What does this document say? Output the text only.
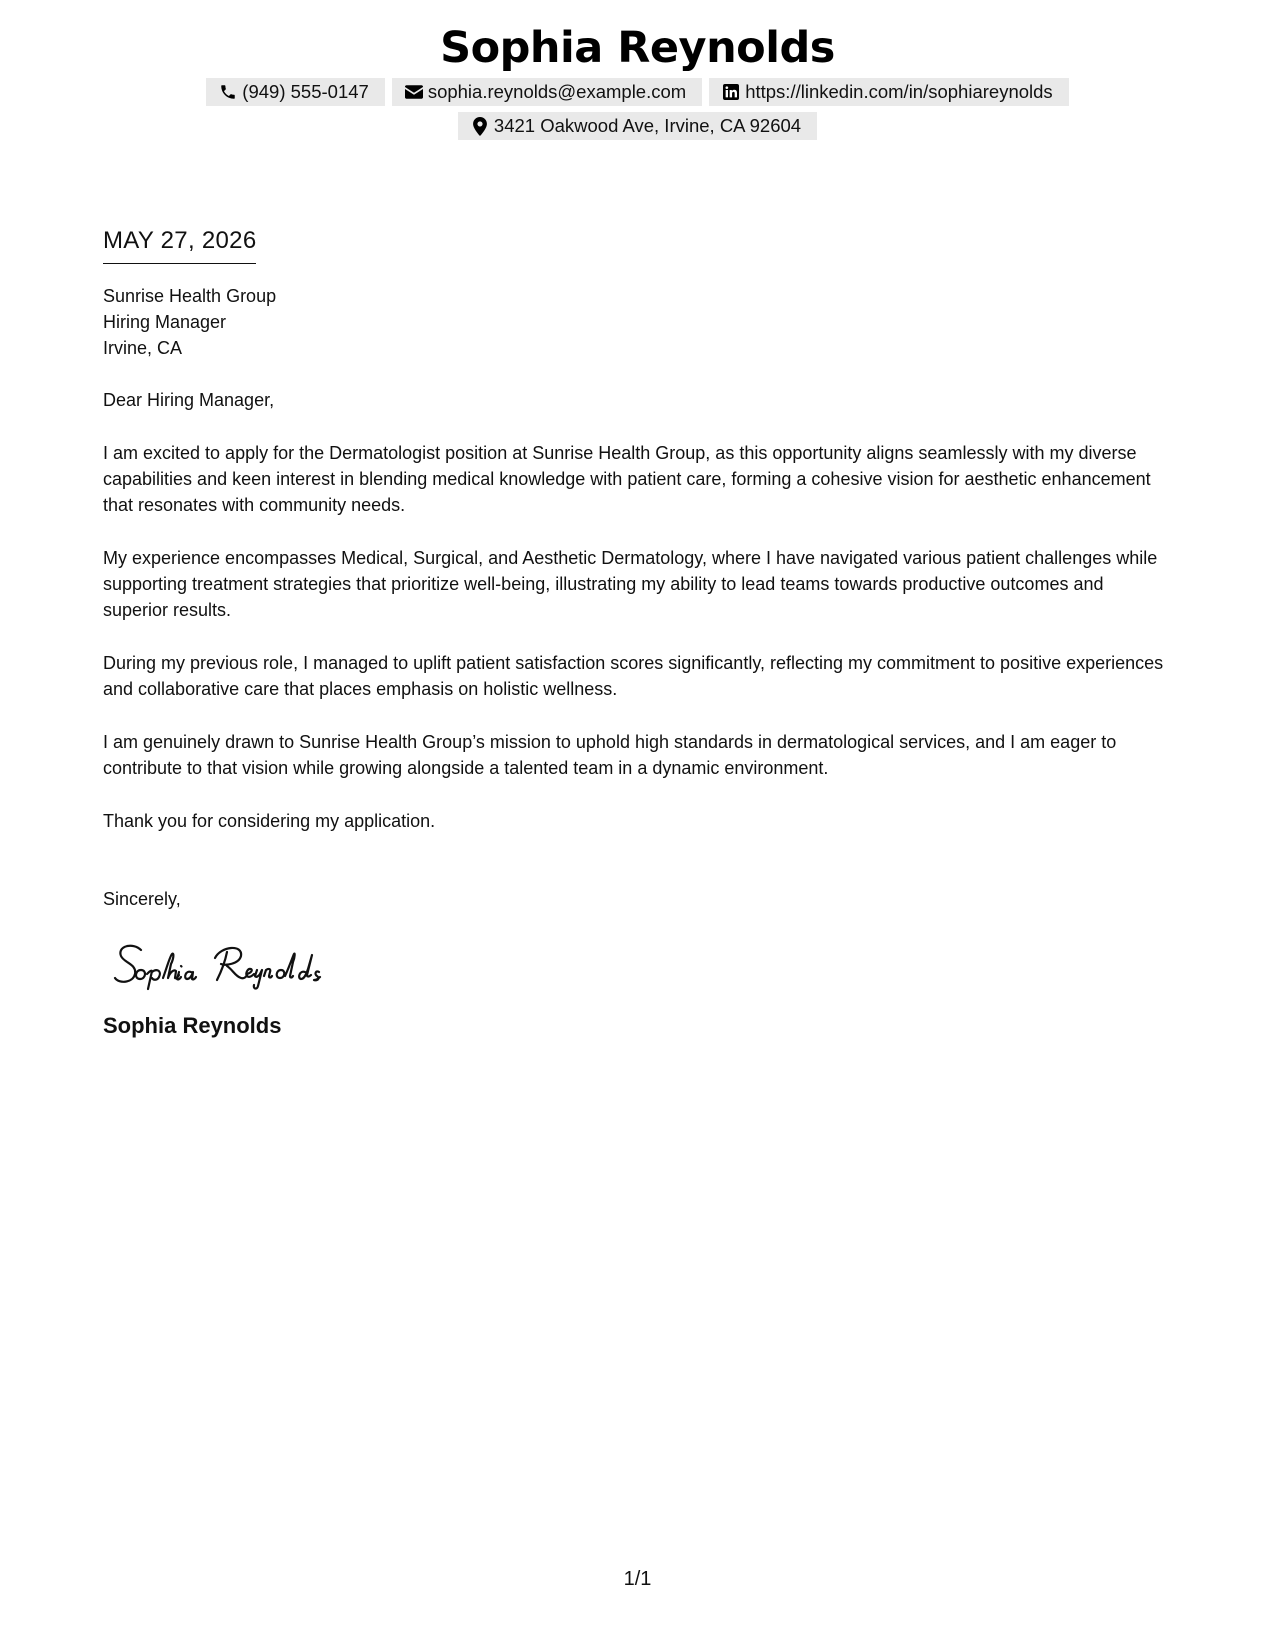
Sophia Reynolds
(949) 555-0147	sophia.reynolds@example.com	https://linkedin.com/in/sophiareynolds
3421 Oakwood Ave, Irvine, CA 92604
MAY 27, 2026
Sunrise Health Group
Hiring Manager
Irvine, CA
Dear Hiring Manager,
I am excited to apply for the Dermatologist position at Sunrise Health Group, as this opportunity aligns seamlessly with my diverse capabilities and keen interest in blending medical knowledge with patient care, forming a cohesive vision for aesthetic enhancement that resonates with community needs.
My experience encompasses Medical, Surgical, and Aesthetic Dermatology, where I have navigated various patient challenges while supporting treatment strategies that prioritize well-being, illustrating my ability to lead teams towards productive outcomes and superior results.
During my previous role, I managed to uplift patient satisfaction scores significantly, reflecting my commitment to positive experiences and collaborative care that places emphasis on holistic wellness.
I am genuinely drawn to Sunrise Health Group’s mission to uphold high standards in dermatological services, and I am eager to contribute to that vision while growing alongside a talented team in a dynamic environment.
Thank you for considering my application.
Sincerely,
Sophia Reynolds
1/1
